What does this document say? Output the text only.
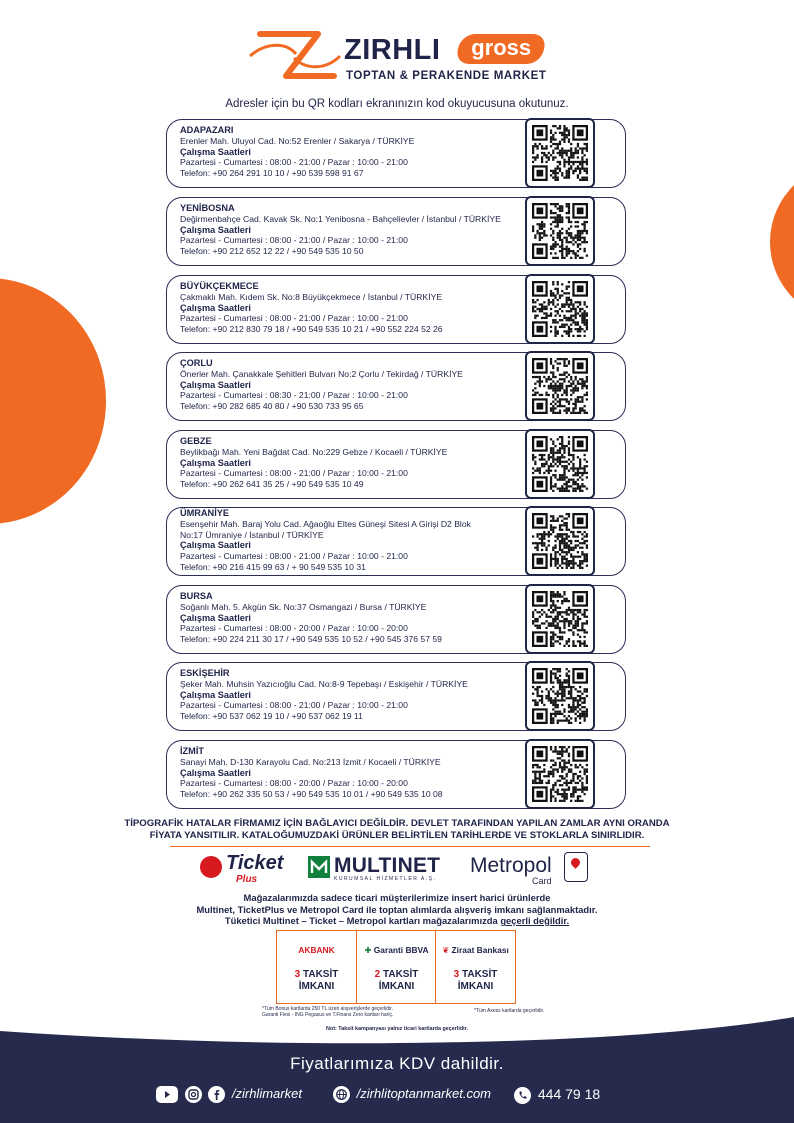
ZIRHLI	gross
TOPTAN & PERAKENDE MARKET
Adresler için bu QR kodları ekranınızın kod okuyucusuna okutunuz.
ADAPAZARI
Erenler Mah. Uluyol Cad. No:52 Erenler / Sakarya / TÜRKİYE
Çalışma Saatleri
Pazartesi - Cumartesi : 08:00 - 21:00 / Pazar : 10:00 - 21:00
Telefon: +90 264 291 10 10 / +90 539 598 91 67
YENİBOSNA
Değirmenbahçe Cad. Kavak Sk. No:1 Yenibosna - Bahçelievler / İstanbul / TÜRKİYE
Çalışma Saatleri
Pazartesi - Cumartesi : 08:00 - 21:00 / Pazar : 10:00 - 21:00
Telefon: +90 212 652 12 22 / +90 549 535 10 50
BÜYÜKÇEKMECE
Çakmaklı Mah. Kıdem Sk. No:8 Büyükçekmece / İstanbul / TÜRKİYE
Çalışma Saatleri
Pazartesi - Cumartesi : 08:00 - 21:00 / Pazar : 10:00 - 21:00
Telefon: +90 212 830 79 18 / +90 549 535 10 21 / +90 552 224 52 26
ÇORLU
Önerler Mah. Çanakkale Şehitleri Bulvarı No:2 Çorlu / Tekirdağ / TÜRKİYE
Çalışma Saatleri
Pazartesi - Cumartesi : 08:30 - 21:00 / Pazar : 10:00 - 21:00
Telefon: +90 282 685 40 80 / +90 530 733 95 65
GEBZE
Beylikbağı Mah. Yeni Bağdat Cad. No:229 Gebze / Kocaeli / TÜRKİYE
Çalışma Saatleri
Pazartesi - Cumartesi : 08:00 - 21:00 / Pazar : 10:00 - 21:00
Telefon: +90 262 641 35 25 / +90 549 535 10 49
ÜMRANİYE
Esenşehir Mah. Baraj Yolu Cad. Ağaoğlu Eltes Güneşi Sitesi A Girişi D2 Blok
No:17 Ümraniye / İstanbul / TÜRKİYE
Çalışma Saatleri
Pazartesi - Cumartesi : 08:00 - 21:00 / Pazar : 10:00 - 21:00
Telefon: +90 216 415 99 63 / + 90 549 535 10 31
BURSA
Soğanlı Mah. 5. Akgün Sk. No:37 Osmangazi / Bursa / TÜRKİYE
Çalışma Saatleri
Pazartesi - Cumartesi : 08:00 - 20:00 / Pazar : 10:00 - 20:00
Telefon: +90 224 211 30 17 / +90 549 535 10 52 / +90 545 376 57 59
ESKİŞEHİR
Şeker Mah. Muhsin Yazıcıoğlu Cad. No:8-9 Tepebaşı / Eskişehir / TÜRKİYE
Çalışma Saatleri
Pazartesi - Cumartesi : 08:00 - 21:00 / Pazar : 10:00 - 21:00
Telefon: +90 537 062 19 10 / +90 537 062 19 11
İZMİT
Sanayi Mah. D-130 Karayolu Cad. No:213 İzmit / Kocaeli / TÜRKİYE
Çalışma Saatleri
Pazartesi - Cumartesi : 08:00 - 20:00 / Pazar : 10:00 - 20:00
Telefon: +90 262 335 50 53 / +90 549 535 10 01 / +90 549 535 10 08
TİPOGRAFİK HATALAR FİRMAMIZ İÇİN BAĞLAYICI DEĞİLDİR. DEVLET TARAFINDAN YAPILAN ZAMLAR AYNI ORANDA
FİYATA YANSITILIR. KATALOĞUMUZDAKİ ÜRÜNLER BELİRTİLEN TARİHLERDE VE STOKLARLA SINIRLIDIR.
Ticket
Plus
MULTINET
KURUMSAL HİZMETLER A.Ş.
Metropol
Card
Mağazalarımızda sadece ticari müşterilerimize insert harici ürünlerde
Multinet, TicketPlus ve Metropol Card ile toptan alımlarda alışveriş imkanı sağlanmaktadır.
Tüketici Multinet – Ticket – Metropol kartları mağazalarımızda geçerli değildir.
AKBANK
3 TAKSİT
İMKANI
✚ Garanti BBVA
2 TAKSİT
İMKANI
❦ Ziraat Bankası
3 TAKSİT
İMKANI
*Tüm Bonus kartlarda 250 TL üzeri alışverişlerde geçerlidir.
Garanti Flexi - ING Pegasus ve T.Finans Zero kartları hariç.
*Tüm Axess kartlarda geçerlidir.
Not: Taksit kampanyası yalnız ticari kartlarda geçerlidir.
Fiyatlarımıza KDV dahildir.

/zirhlimarket	/zirhlitoptanmarket.com	444 79 18
